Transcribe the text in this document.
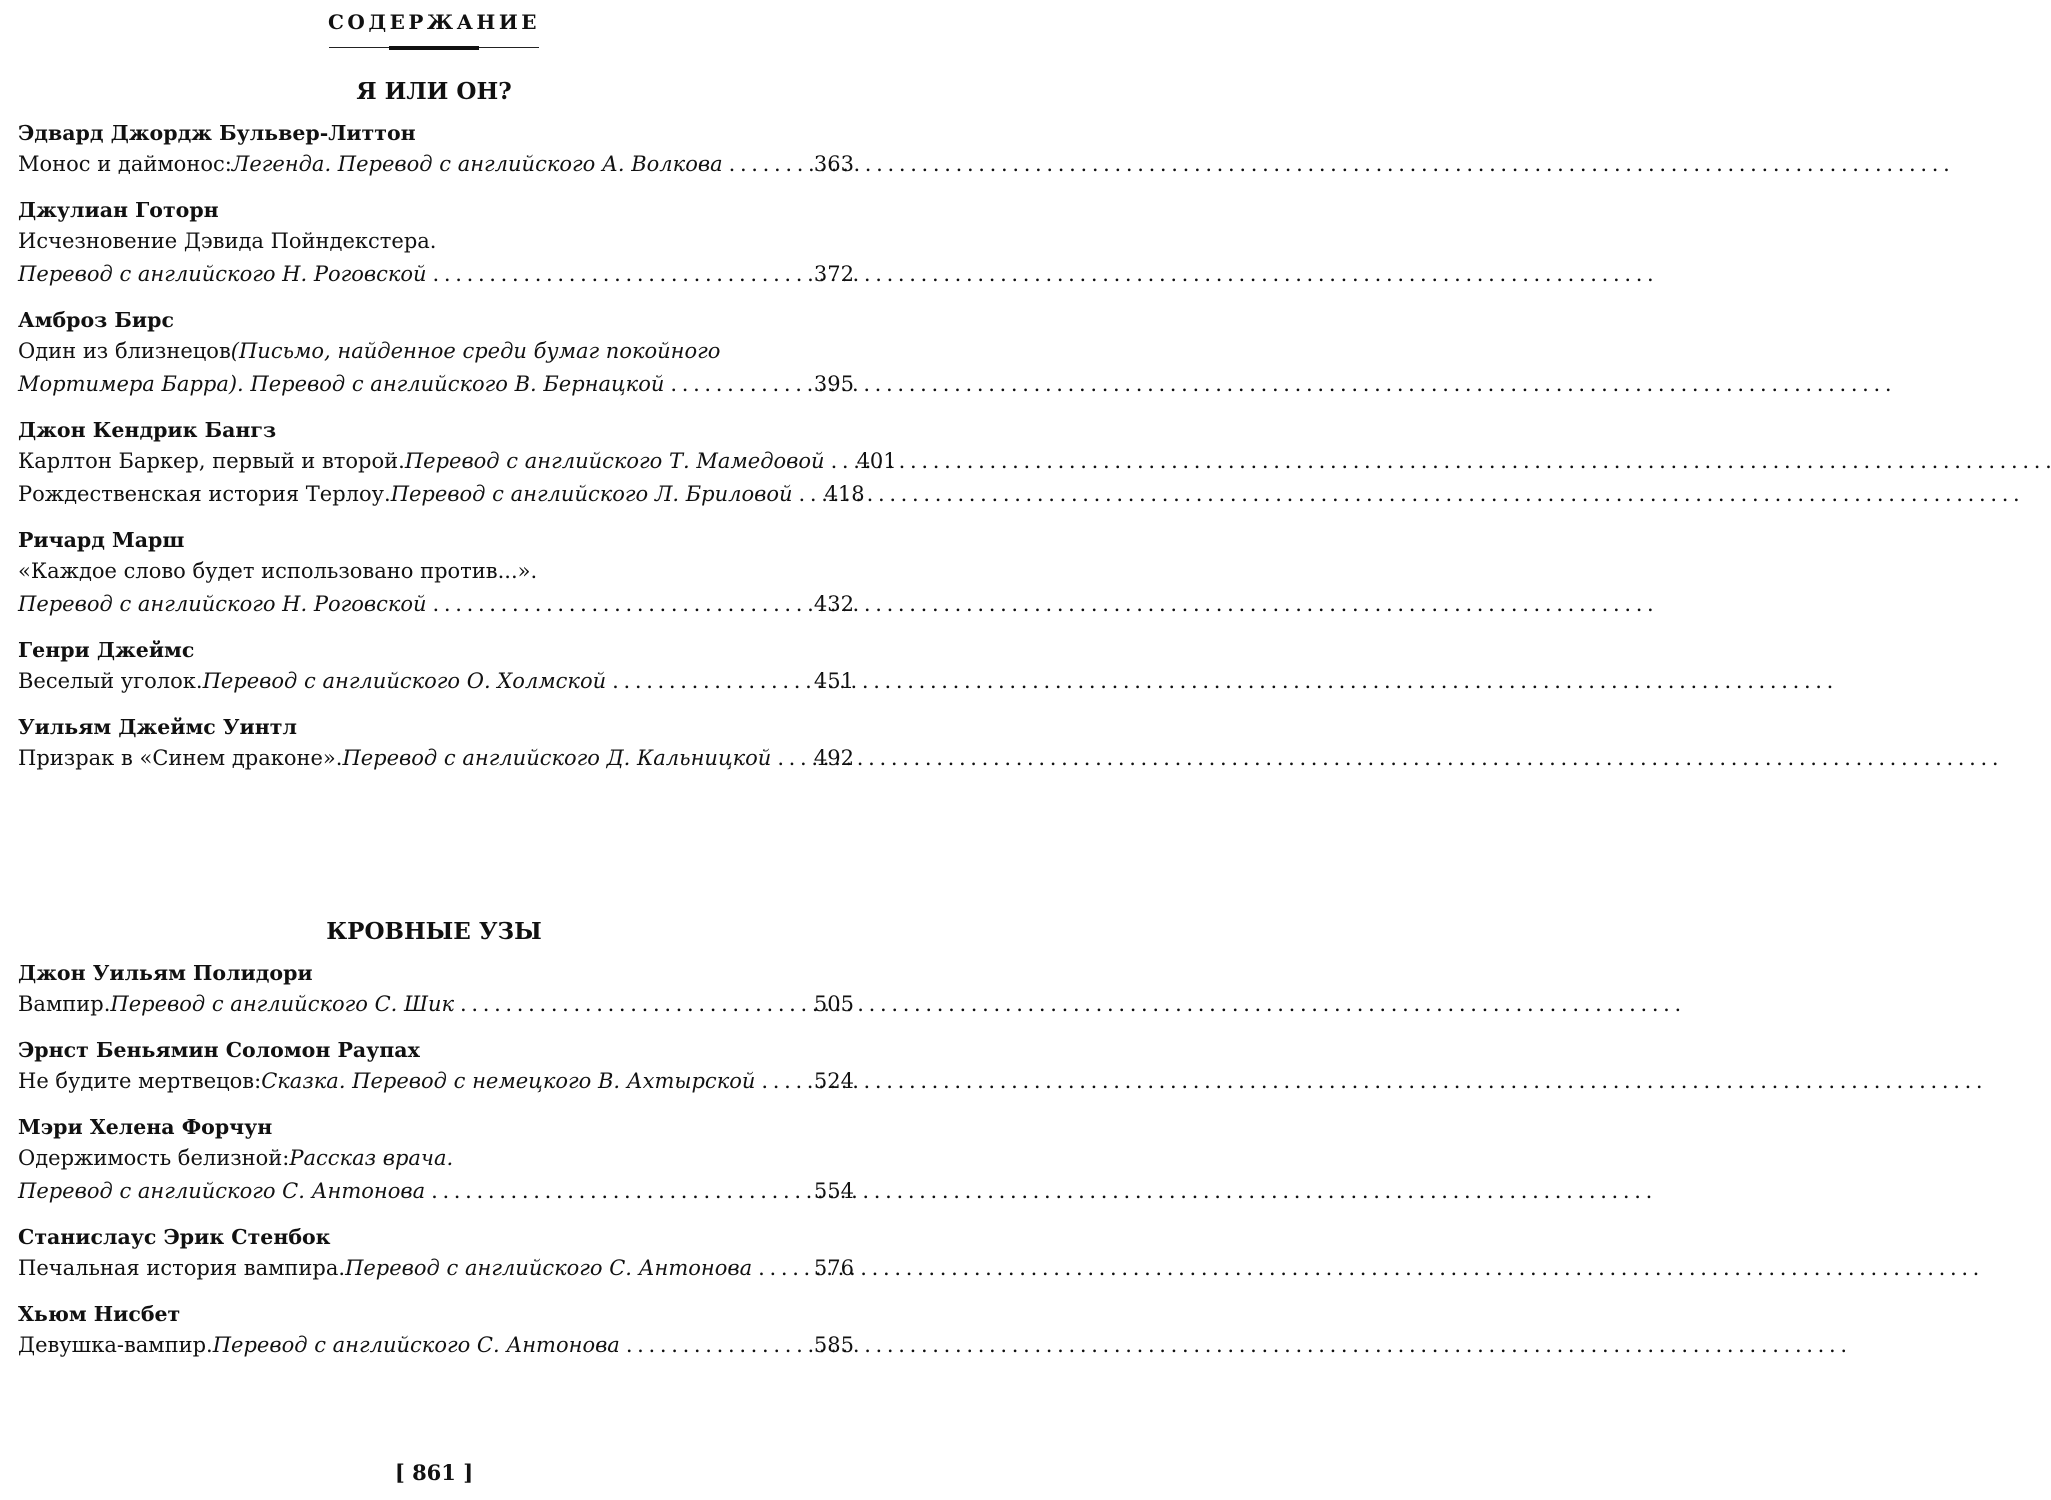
СОДЕРЖАНИЕ
Я ИЛИ ОН?
Эдвард Джордж Бульвер-Литтон
Монос и даймонос: Легенда. Перевод с английского А. Волкова . . .	363
Джулиан Готорн
Исчезновение Дэвида Пойндекстера.
Перевод с английского Н. Роговской . . .	372
Амброз Бирс
Один из близнецов (Письмо, найденное среди бумаг покойного
Мортимера Барра). Перевод с английского В. Бернацкой . . .	395
Джон Кендрик Бангз
Карлтон Баркер, первый и второй. Перевод с английского Т. Мамедовой . . . 401
Рождественская история Терлоу. Перевод с английского Л. Бриловой . . . 418
Ричард Марш
«Каждое слово будет использовано против...».
Перевод с английского Н. Роговской . . .	432
Генри Джеймс
Веселый уголок. Перевод с английского О. Холмской . . .	451
Уильям Джеймс Уинтл
Призрак в «Синем драконе». Перевод с английского Д. Кальницкой . . . 492
КРОВНЫЕ УЗЫ
Джон Уильям Полидори
Вампир. Перевод с английского С. Шик . . .	505
Эрнст Беньямин Соломон Раупах
Не будите мертвецов: Сказка. Перевод с немецкого В. Ахтырской . . .	524
Мэри Хелена Форчун
Одержимость белизной: Рассказ врача.
Перевод с английского С. Антонова . . .	554
Станислаус Эрик Стенбок
Печальная история вампира. Перевод с английского С. Антонова . . .	576
Хьюм Нисбет
Девушка-вампир. Перевод с английского С. Антонова . . .	585
[ 861 ]
